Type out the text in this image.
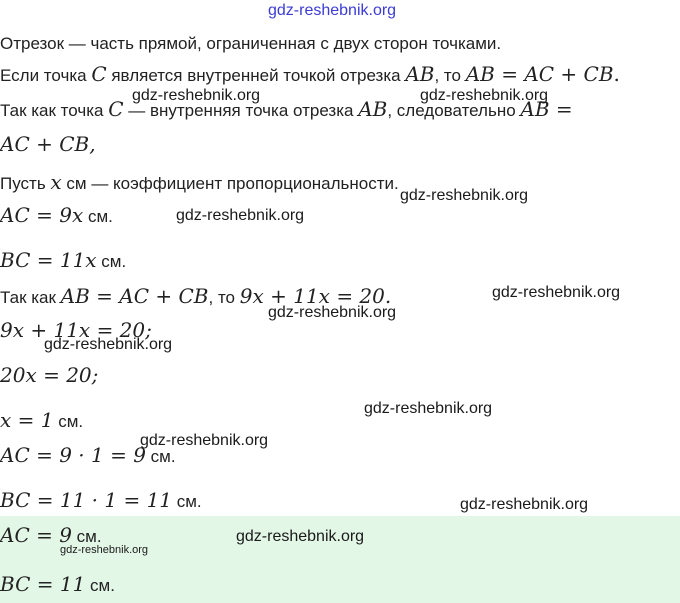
gdz-reshebnik.org
Отрезок — часть прямой, ограниченная с двух сторон точками.
Если точка C является внутренней точкой отрезка AB, то AB = AC + CB.
Так как точка C — внутренняя точка отрезка AB, следовательно AB =
AC + CB,
Пусть x см — коэффициент пропорциональности.
AC = 9x см.
BC = 11x см.
Так как AB = AC + CB, то 9x + 11x = 20.
9x + 11x = 20;
20x = 20;
x = 1 см.
AC = 9 · 1 = 9 см.
BC = 11 · 1 = 11 см.
AC = 9 см.
BC = 11 см.
gdz-reshebnik.org	gdz-reshebnik.org
gdz-reshebnik.org
gdz-reshebnik.org
gdz-reshebnik.org
gdz-reshebnik.org
gdz-reshebnik.org
gdz-reshebnik.org
gdz-reshebnik.org
gdz-reshebnik.org
gdz-reshebnik.org
gdz-reshebnik.org
